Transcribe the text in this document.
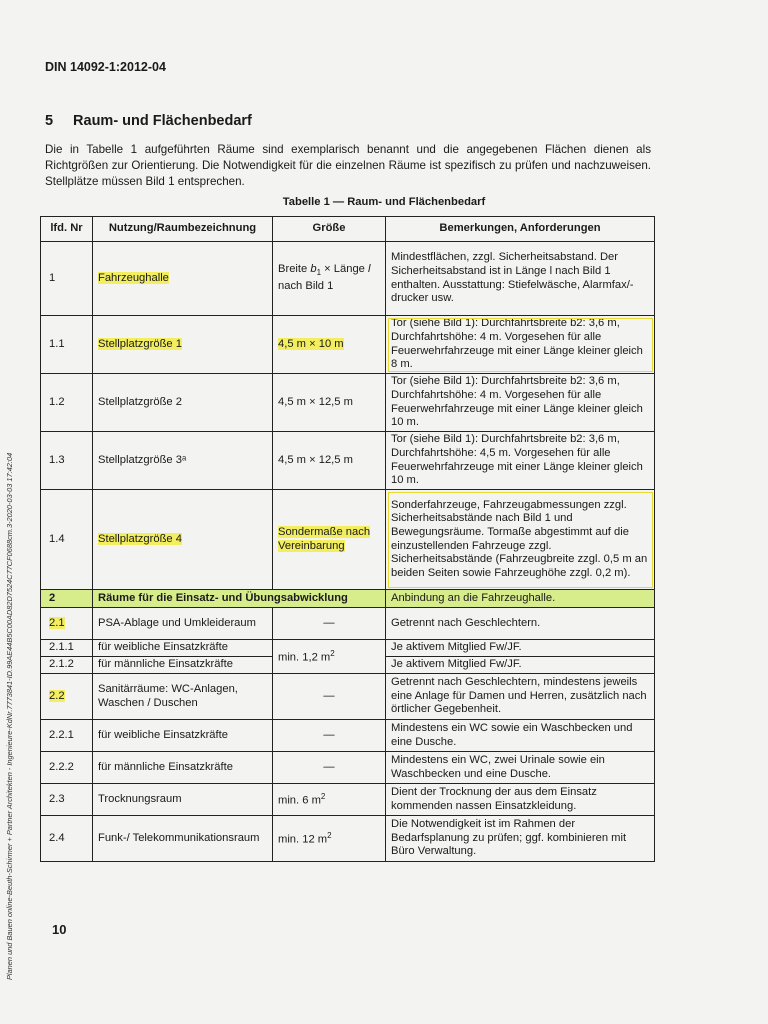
DIN 14092-1:2012-04
5 Raum- und Flächenbedarf
Die in Tabelle 1 aufgeführten Räume sind exemplarisch benannt und die angegebenen Flächen dienen als Richtgrößen zur Orientierung. Die Notwendigkeit für die einzelnen Räume ist spezifisch zu prüfen und nachzuweisen. Stellplätze müssen Bild 1 entsprechen.
Tabelle 1 — Raum- und Flächenbedarf
lfd. Nr	Nutzung/Raumbezeichnung	Größe	Bemerkungen, Anforderungen
1	Fahrzeughalle	Breite $b_1$ × Länge l nach Bild 1	Mindestflächen, zzgl. Sicherheitsabstand. Der Sicherheitsabstand ist in Länge l nach Bild 1 enthalten. Ausstattung: Stiefelwäsche, Alarmfax/-drucker usw.
1.1	Stellplatzgröße 1	4,5 m × 10 m	Tor (siehe Bild 1): Durchfahrtsbreite b2: 3,6 m, Durchfahrtshöhe: 4 m. Vorgesehen für alle Feuerwehrfahrzeuge mit einer Länge kleiner gleich 8 m.
1.2	Stellplatzgröße 2	4,5 m × 12,5 m	Tor (siehe Bild 1): Durchfahrtsbreite b2: 3,6 m, Durchfahrtshöhe: 4 m. Vorgesehen für alle Feuerwehrfahrzeuge mit einer Länge kleiner gleich 10 m.
1.3	Stellplatzgröße 3ᵃ	4,5 m × 12,5 m	Tor (siehe Bild 1): Durchfahrtsbreite b2: 3,6 m, Durchfahrtshöhe: 4,5 m. Vorgesehen für alle Feuerwehrfahrzeuge mit einer Länge kleiner gleich 10 m.
1.4	Stellplatzgröße 4	Sondermaße nach Vereinbarung	Sonderfahrzeuge, Fahrzeugabmessungen zzgl. Sicherheitsabstände nach Bild 1 und Bewegungsräume. Tormaße abgestimmt auf die einzustellenden Fahrzeuge zzgl. Sicherheitsabstände (Fahrzeugbreite zzgl. 0,5 m an beiden Seiten sowie Fahrzeughöhe zzgl. 0,2 m).
2	Räume für die Einsatz- und Übungsabwicklung		Anbindung an die Fahrzeughalle.
2.1	PSA-Ablage und Umkleideraum	—	Getrennt nach Geschlechtern.
2.1.1	für weibliche Einsatzkräfte	min. 1,2 $m^2$	Je aktivem Mitglied Fw/JF.
2.1.2	für männliche Einsatzkräfte		Je aktivem Mitglied Fw/JF.
2.2	Sanitärräume: WC-Anlagen, Waschen / Duschen	—	Getrennt nach Geschlechtern, mindestens jeweils eine Anlage für Damen und Herren, zusätzlich nach örtlicher Gegebenheit.
2.2.1	für weibliche Einsatzkräfte	—	Mindestens ein WC sowie ein Waschbecken und eine Dusche.
2.2.2	für männliche Einsatzkräfte	—	Mindestens ein WC, zwei Urinale sowie ein Waschbecken und eine Dusche.
2.3	Trocknungsraum	min. 6 $m^2$	Dient der Trocknung der aus dem Einsatz kommenden nassen Einsatzkleidung.
2.4	Funk-/ Telekommunikationsraum	min. 12 $m^2$	Die Notwendigkeit ist im Rahmen der Bedarfsplanung zu prüfen; ggf. kombinieren mit Büro Verwaltung.
Planen und Bauen online-Beuth-Schirmer + Partner Architekten - Ingenieure-KdNr.7773841-ID.99AE44B5C00AD82D7524C77CF0688cm.3-2020-03-03 17:42:04	10
